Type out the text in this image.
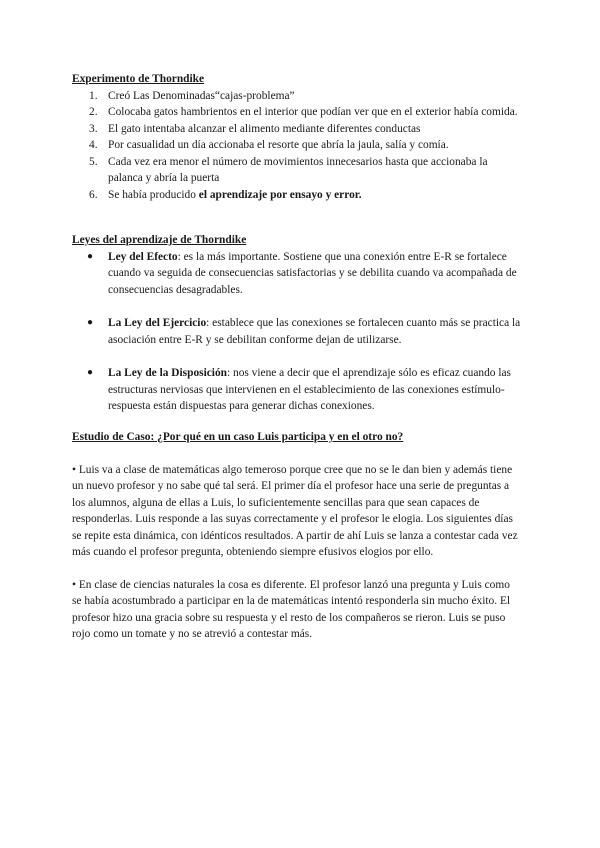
Experimento de Thorndike
1. Creó Las Denominadas“cajas-problema”
2. Colocaba gatos hambrientos en el interior que podían ver que en el exterior había comida.
3. El gato intentaba alcanzar el alimento mediante diferentes conductas
4. Por casualidad un día accionaba el resorte que abría la jaula, salía y comía.
5. Cada vez era menor el número de movimientos innecesarios hasta que accionaba la palanca y abría la puerta
6. Se había producido el aprendizaje por ensayo y error.
Leyes del aprendizaje de Thorndike
● Ley del Efecto: es la más importante. Sostiene que una conexión entre E-R se fortalece cuando va seguida de consecuencias satisfactorias y se debilita cuando va acompañada de consecuencias desagradables.
● La Ley del Ejercicio: establece que las conexiones se fortalecen cuanto más se practica la asociación entre E-R y se debilitan conforme dejan de utilizarse.
● La Ley de la Disposición: nos viene a decir que el aprendizaje sólo es eficaz cuando las estructuras nerviosas que intervienen en el establecimiento de las conexiones estímulo-respuesta están dispuestas para generar dichas conexiones.
Estudio de Caso: ¿Por qué en un caso Luis participa y en el otro no?

• Luis va a clase de matemáticas algo temeroso porque cree que no se le dan bien y además tiene un nuevo profesor y no sabe qué tal será. El primer día el profesor hace una serie de preguntas a los alumnos, alguna de ellas a Luis, lo suficientemente sencillas para que sean capaces de responderlas. Luis responde a las suyas correctamente y el profesor le elogia. Los siguientes días se repite esta dinámica, con idénticos resultados. A partir de ahí Luis se lanza a contestar cada vez más cuando el profesor pregunta, obteniendo siempre efusivos elogios por ello.

• En clase de ciencias naturales la cosa es diferente. El profesor lanzó una pregunta y Luis como se había acostumbrado a participar en la de matemáticas intentó responderla sin mucho éxito. El profesor hizo una gracia sobre su respuesta y el resto de los compañeros se rieron. Luis se puso rojo como un tomate y no se atrevió a contestar más.
